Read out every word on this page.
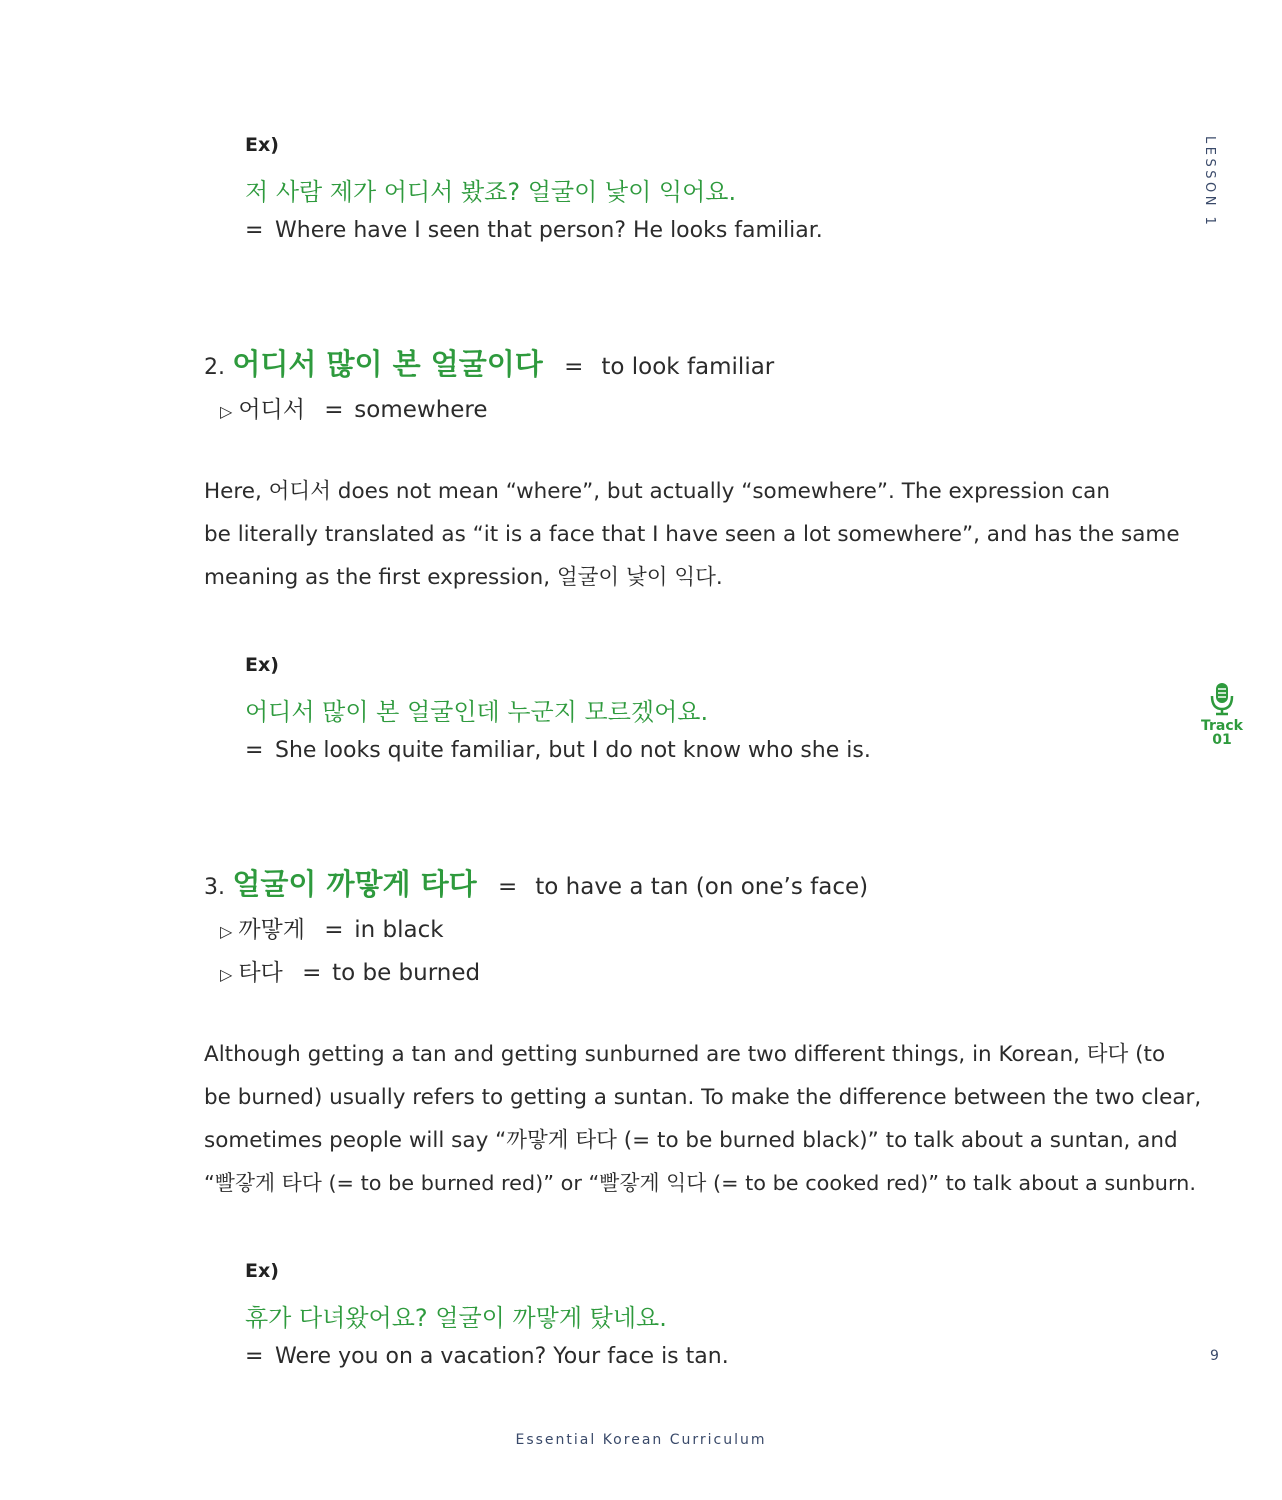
LESSON 1
Track
01
9
Ex)
저 사람 제가 어디서 봤죠? 얼굴이 낯이 익어요.
= Where have I seen that person? He looks familiar.
2. 어디서 많이 본 얼굴이다 = to look familiar
▷ 어디서 = somewhere
Here, 어디서 does not mean “where”, but actually “somewhere”. The expression can
be literally translated as “it is a face that I have seen a lot somewhere”, and has the same
meaning as the first expression, 얼굴이 낯이 익다.
Ex)
어디서 많이 본 얼굴인데 누군지 모르겠어요.
= She looks quite familiar, but I do not know who she is.
3. 얼굴이 까맣게 타다 = to have a tan (on one’s face)
▷ 까맣게 = in black
▷ 타다 = to be burned
Although getting a tan and getting sunburned are two different things, in Korean, 타다 (to
be burned) usually refers to getting a suntan. To make the difference between the two clear,
sometimes people will say “까맣게 타다 (= to be burned black)” to talk about a suntan, and
“빨갛게 타다 (= to be burned red)” or “빨갛게 익다 (= to be cooked red)” to talk about a sunburn.
Ex)
휴가 다녀왔어요? 얼굴이 까맣게 탔네요.
= Were you on a vacation? Your face is tan.
Essential Korean Curriculum
